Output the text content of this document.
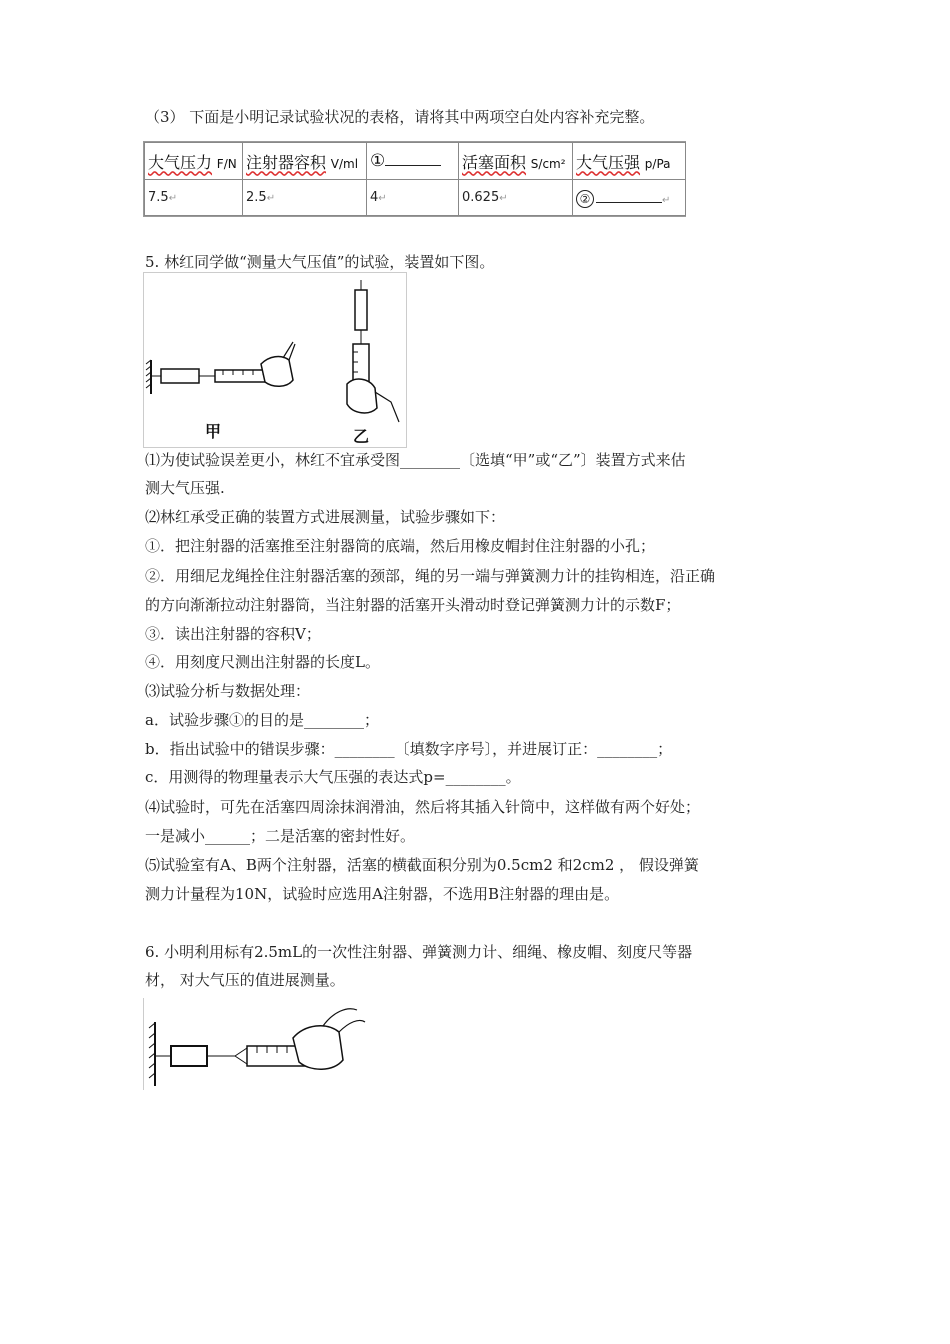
（3） 下面是小明记录试验状况的表格，请将其中两项空白处内容补充完整。
大气压力 F/N	注射器容积 V/ml	①	活塞面积 S/cm²	大气压强 p/Pa
7.5↵	2.5↵	4↵	0.625↵	② ↵
5. 林红同学做“测量大气压值”的试验，装置如下图。
甲	乙
⑴为使试验误差更小，林红不宜承受图________〔选填“甲”或“乙”〕装置方式来估
测大气压强.
⑵林红承受正确的装置方式进展测量，试验步骤如下：
①．把注射器的活塞推至注射器筒的底端，然后用橡皮帽封住注射器的小孔；
②．用细尼龙绳拴住注射器活塞的颈部，绳的另一端与弹簧测力计的挂钩相连，沿正确
的方向渐渐拉动注射器筒，当注射器的活塞开头滑动时登记弹簧测力计的示数F；
③．读出注射器的容积V；
④．用刻度尺测出注射器的长度L。
⑶试验分析与数据处理：
a．试验步骤①的目的是________；
b．指出试验中的错误步骤：________〔填数字序号〕，并进展订正：________；
c．用测得的物理量表示大气压强的表达式p=________。
⑷试验时，可先在活塞四周涂抹润滑油，然后将其插入针筒中，这样做有两个好处；
一是减小______；二是活塞的密封性好。
⑸试验室有A、B两个注射器，活塞的横截面积分别为0.5cm2 和2cm2 ， 假设弹簧
测力计量程为10N，试验时应选用A注射器，不选用B注射器的理由是。
6. 小明利用标有2.5mL的一次性注射器、弹簧测力计、细绳、橡皮帽、刻度尺等器
材， 对大气压的值进展测量。
